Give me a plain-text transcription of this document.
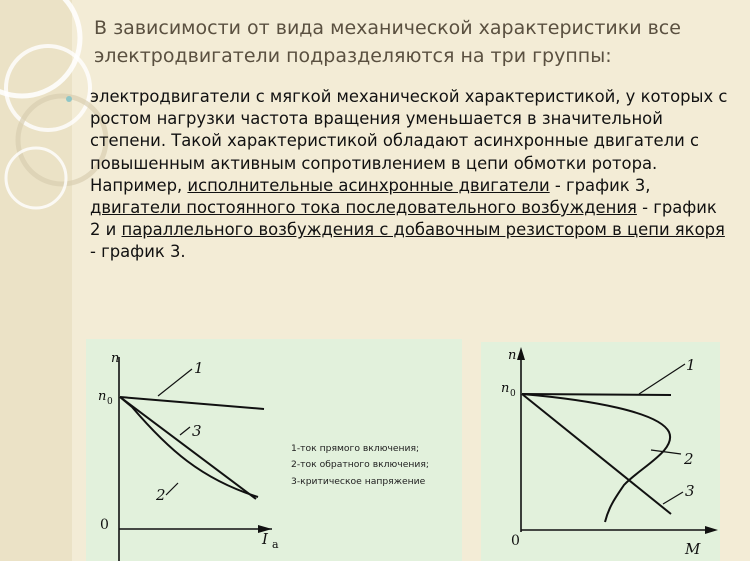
В зависимости от вида механической характеристики все электродвигатели подразделяются на три группы:
электродвигатели с мягкой механической характеристикой, у которых с ростом нагрузки частота вращения уменьшается в значительной степени. Такой характеристикой обладают асинхронные двигатели с повышенным активным сопротивлением в цепи обмотки ротора. Например, исполнительные асинхронные двигатели - график 3, двигатели постоянного тока последовательного возбуждения - график 2 и параллельного возбуждения с добавочным резистором в цепи якоря - график 3.
n
n 0
0
I a
1
3
2
1-ток прямого включения;
2-ток обратного включения;
3-критическое напряжение
n
n 0
0	M
1
2
3
